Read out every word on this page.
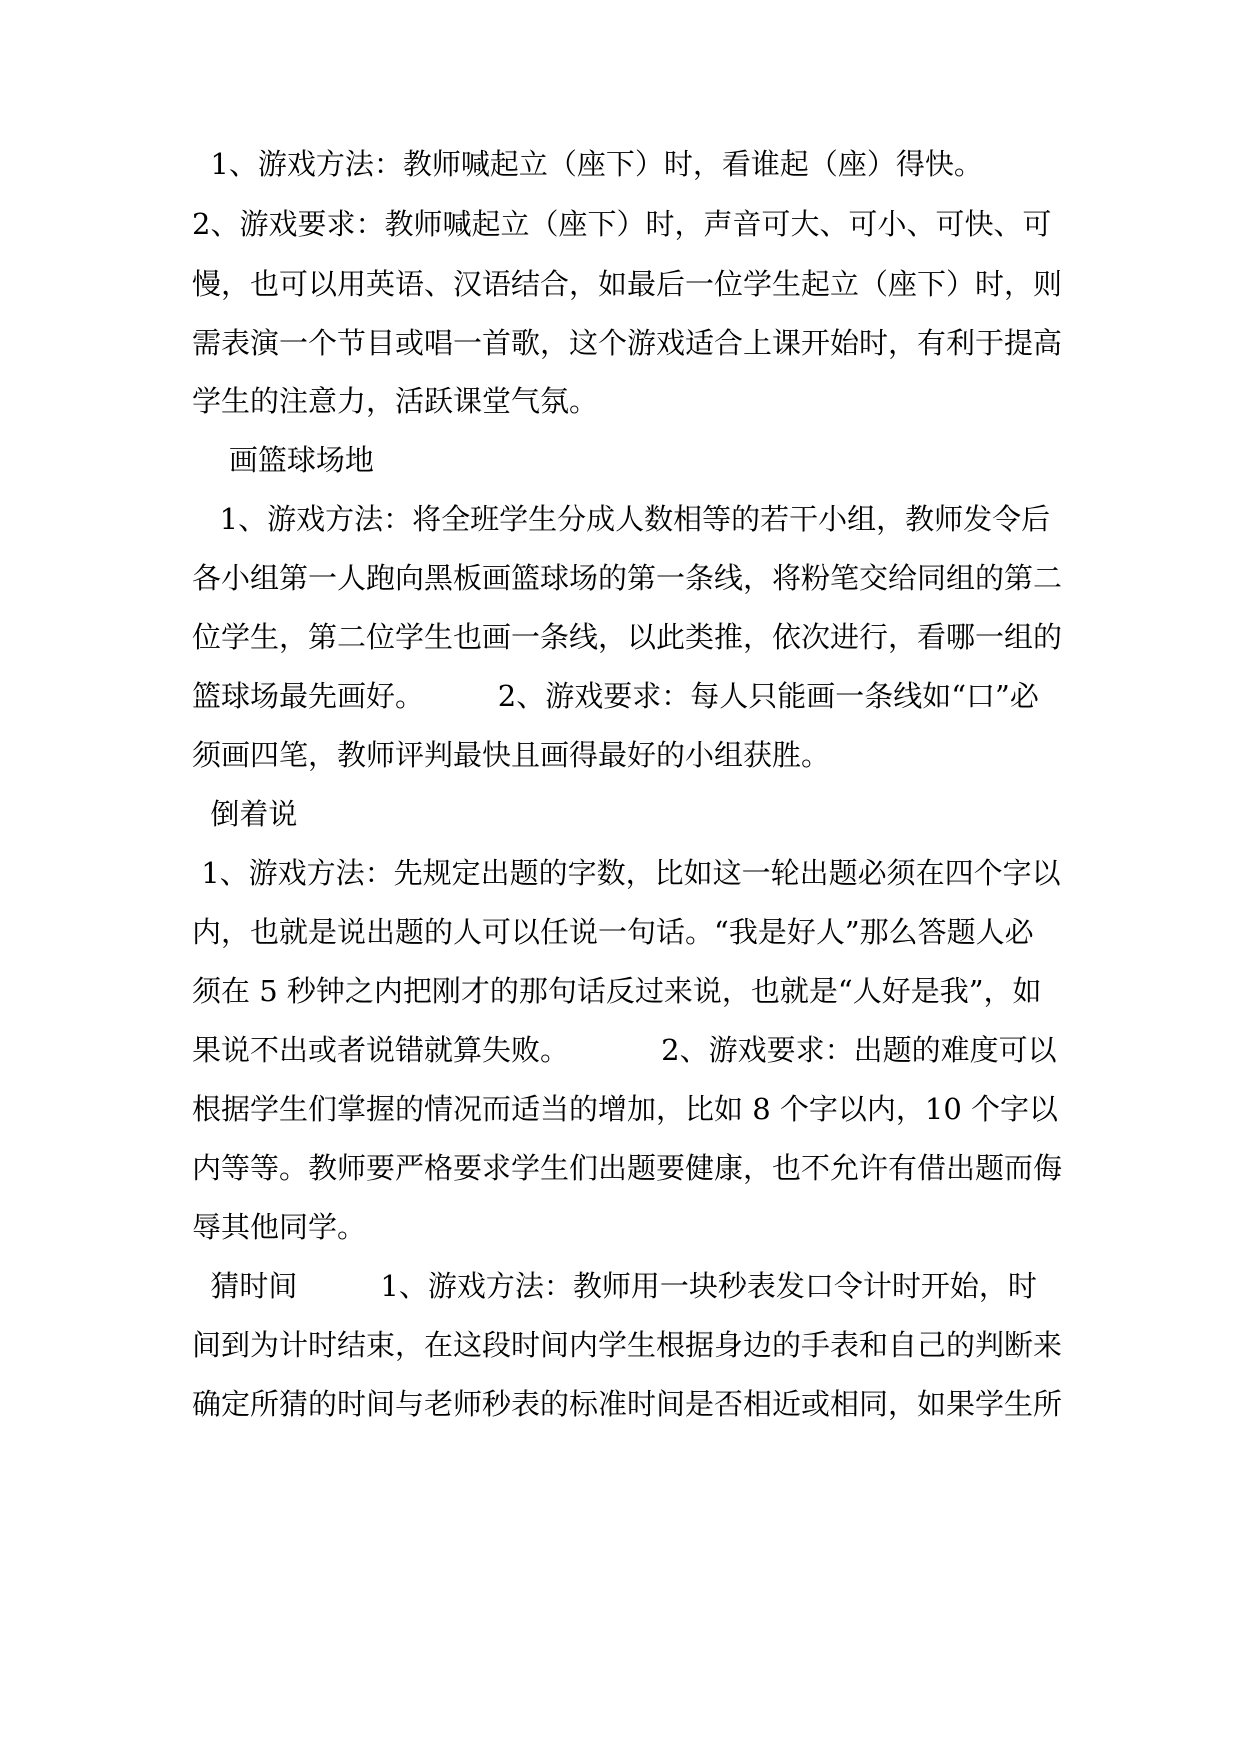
1、游戏方法：教师喊起立（座下）时，看谁起（座）得快。
2、游戏要求：教师喊起立（座下）时，声音可大、可小、可快、可
慢，也可以用英语、汉语结合，如最后一位学生起立（座下）时，则
需表演一个节目或唱一首歌，这个游戏适合上课开始时，有利于提高
学生的注意力，活跃课堂气氛。
画篮球场地
1、游戏方法：将全班学生分成人数相等的若干小组，教师发令后
各小组第一人跑向黑板画篮球场的第一条线，将粉笔交给同组的第二
位学生，第二位学生也画一条线，以此类推，依次进行，看哪一组的
篮球场最先画好。        2、游戏要求：每人只能画一条线如“口”必
须画四笔，教师评判最快且画得最好的小组获胜。
倒着说
1、游戏方法：先规定出题的字数，比如这一轮出题必须在四个字以
内，也就是说出题的人可以任说一句话。“我是好人”那么答题人必
须在 5 秒钟之内把刚才的那句话反过来说，也就是“人好是我”，如
果说不出或者说错就算失败。          2、游戏要求：出题的难度可以
根据学生们掌握的情况而适当的增加，比如 8 个字以内，10 个字以
内等等。教师要严格要求学生们出题要健康，也不允许有借出题而侮
辱其他同学。
猜时间         1、游戏方法：教师用一块秒表发口令计时开始，时
间到为计时结束，在这段时间内学生根据身边的手表和自己的判断来
确定所猜的时间与老师秒表的标准时间是否相近或相同，如果学生所
